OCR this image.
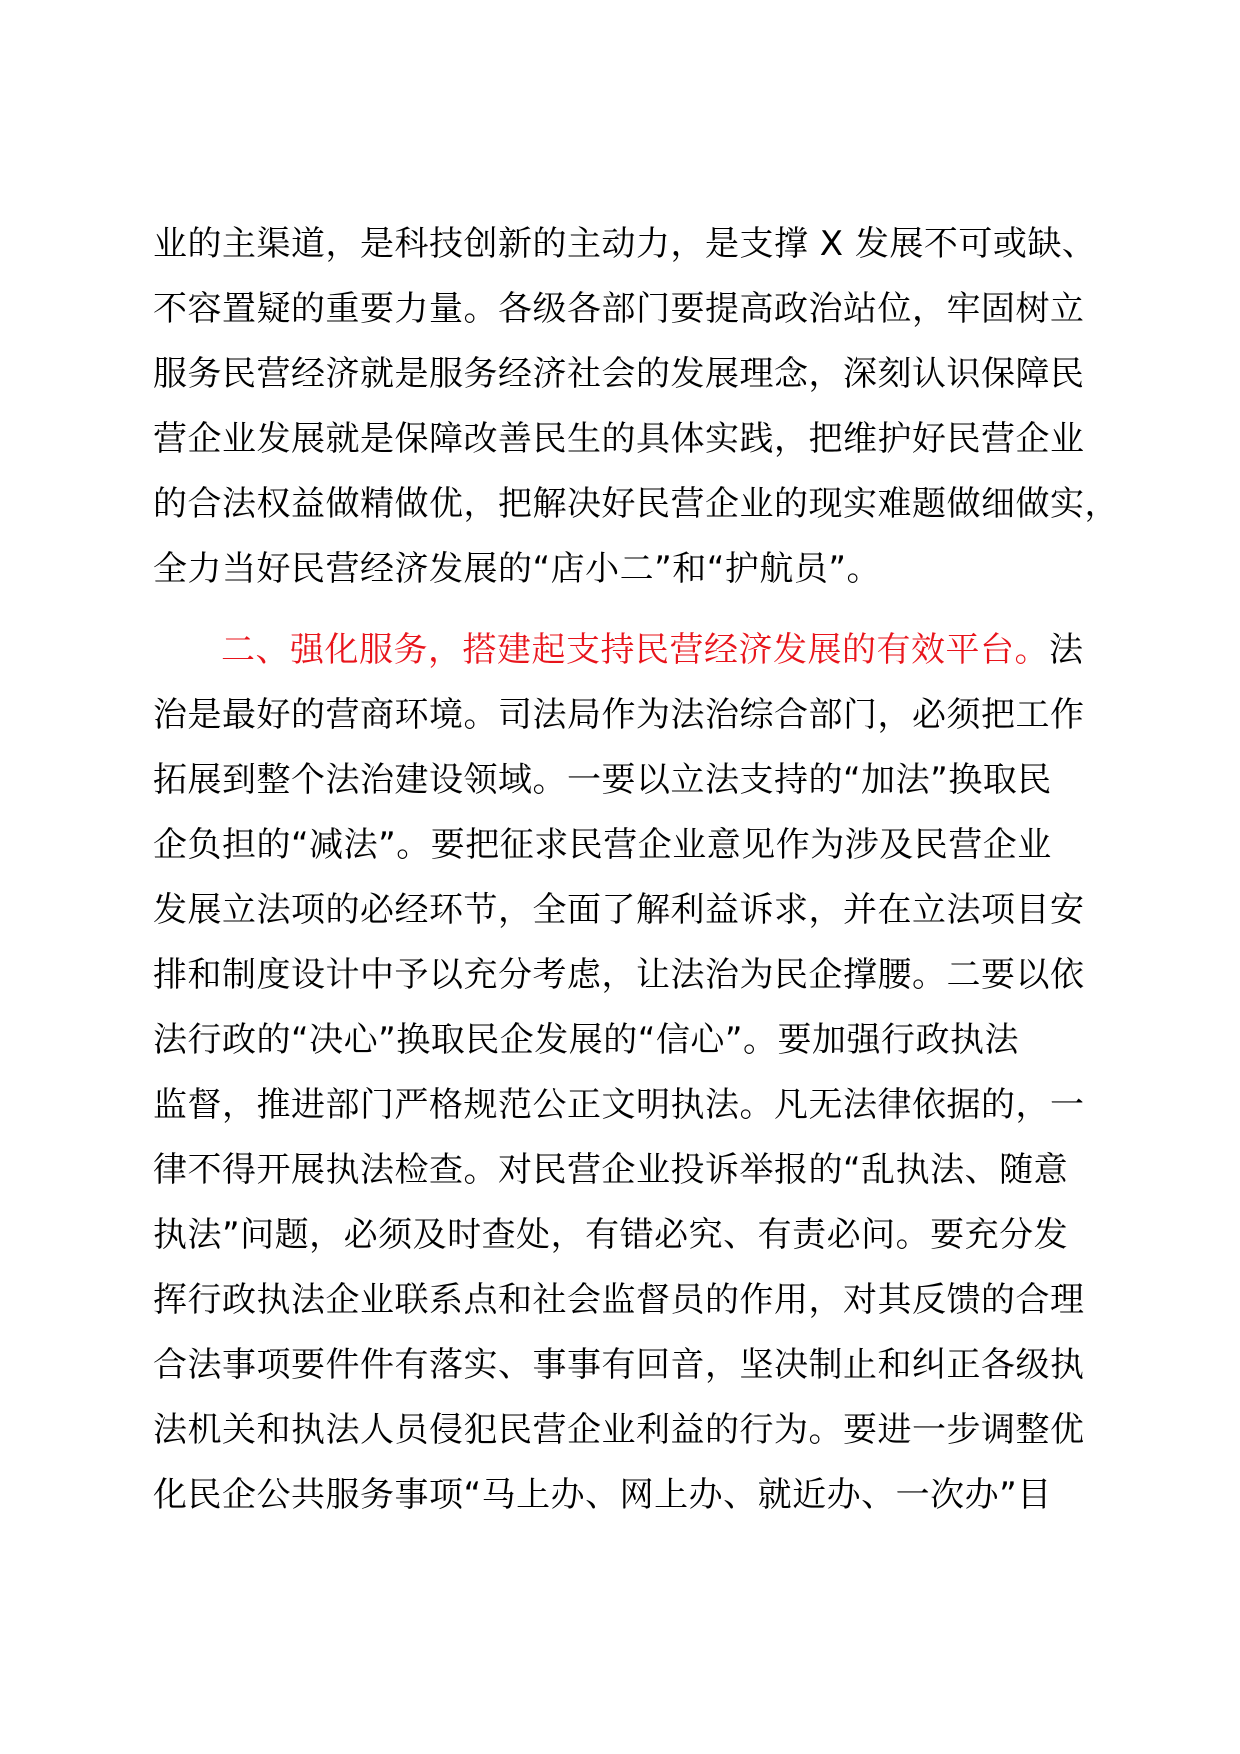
业的主渠道，是科技创新的主动力，是支撑 X 发展不可或缺、
不容置疑的重要力量。各级各部门要提高政治站位，牢固树立
服务民营经济就是服务经济社会的发展理念，深刻认识保障民
营企业发展就是保障改善民生的具体实践，把维护好民营企业
的合法权益做精做优，把解决好民营企业的现实难题做细做实，
全力当好民营经济发展的“店小二”和“护航员”。
二、强化服务，搭建起支持民营经济发展的有效平台。法
治是最好的营商环境。司法局作为法治综合部门，必须把工作
拓展到整个法治建设领域。一要以立法支持的“加法”换取民
企负担的“减法”。要把征求民营企业意见作为涉及民营企业
发展立法项的必经环节，全面了解利益诉求，并在立法项目安
排和制度设计中予以充分考虑，让法治为民企撑腰。二要以依
法行政的“决心”换取民企发展的“信心”。要加强行政执法
监督，推进部门严格规范公正文明执法。凡无法律依据的，一
律不得开展执法检查。对民营企业投诉举报的“乱执法、随意
执法”问题，必须及时查处，有错必究、有责必问。要充分发
挥行政执法企业联系点和社会监督员的作用，对其反馈的合理
合法事项要件件有落实、事事有回音，坚决制止和纠正各级执
法机关和执法人员侵犯民营企业利益的行为。要进一步调整优
化民企公共服务事项“马上办、网上办、就近办、一次办”目
